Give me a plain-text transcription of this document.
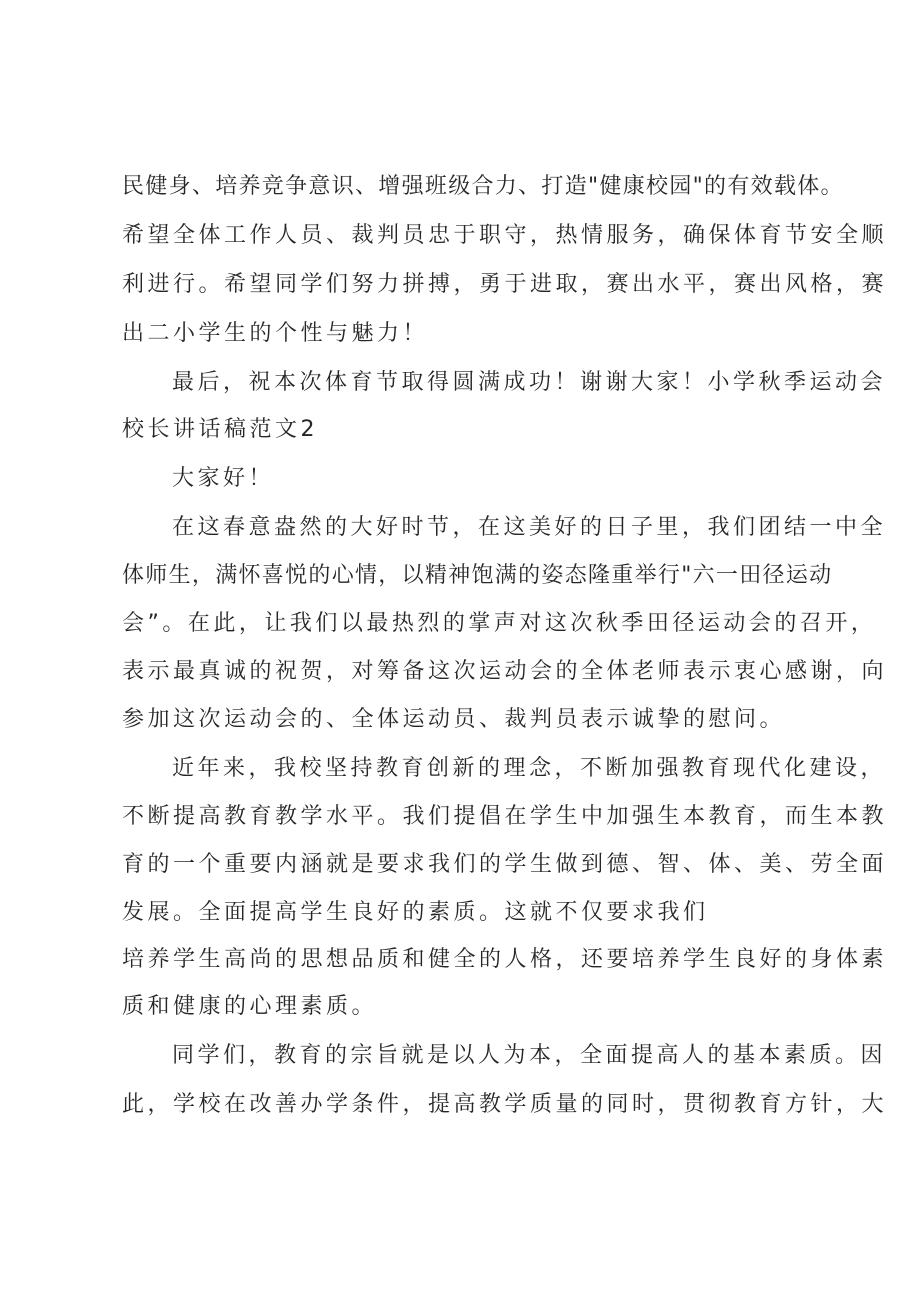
民健身、培养竞争意识、增强班级合力、打造"健康校园"的有效载体。
希望全体工作人员、裁判员忠于职守，热情服务，确保体育节安全顺
利进行。希望同学们努力拼搏，勇于进取，赛出水平，赛出风格，赛
出二小学生的个性与魅力！
最后，祝本次体育节取得圆满成功！谢谢大家！小学秋季运动会
校长讲话稿范文2
大家好！
在这春意盎然的大好时节，在这美好的日子里，我们团结一中全
体师生，满怀喜悦的心情，以精神饱满的姿态隆重举行"六一田径运动
会”。在此，让我们以最热烈的掌声对这次秋季田径运动会的召开，
表示最真诚的祝贺，对筹备这次运动会的全体老师表示衷心感谢，向
参加这次运动会的、全体运动员、裁判员表示诚挚的慰问。
近年来，我校坚持教育创新的理念，不断加强教育现代化建设，
不断提高教育教学水平。我们提倡在学生中加强生本教育，而生本教
育的一个重要内涵就是要求我们的学生做到德、智、体、美、劳全面
发展。全面提高学生良好的素质。这就不仅要求我们
培养学生高尚的思想品质和健全的人格，还要培养学生良好的身体素
质和健康的心理素质。
同学们，教育的宗旨就是以人为本，全面提高人的基本素质。因
此，学校在改善办学条件，提高教学质量的同时，贯彻教育方针，大
